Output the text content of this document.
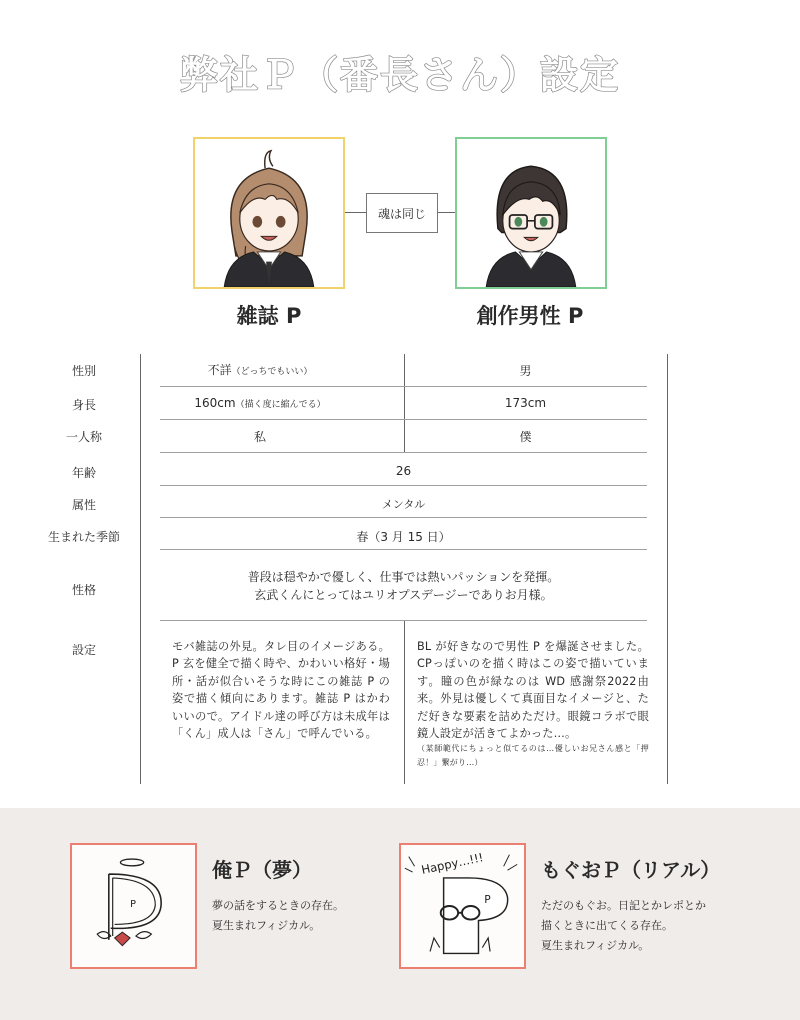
弊社Ｐ（番長さん）設定
魂は同じ
雑誌 P	創作男性 P
性別	不詳（どっちでもいい）	男
身長	160cm（描く度に縮んでる）	173cm
一人称	私	僕
年齢	26
属性	メンタル
生まれた季節	春（3 月 15 日）
性格
普段は穏やかで優しく、仕事では熱いパッションを発揮。
玄武くんにとってはユリオプスデージーでありお月様。
設定	モバ雑誌の外見。タレ目のイメージある。P 玄を健全で描く時や、かわいい格好・場所・話が似合いそうな時にこの雑誌 P の姿で描く傾向にあります。雑誌 P はかわいいので。アイドル達の呼び方は未成年は「くん」成人は「さん」で呼んでいる。
BL が好きなので男性 P を爆誕させました。CPっぽいのを描く時はこの姿で描いています。瞳の色が緑なのは WD 感謝祭2022由来。外見は優しくて真面目なイメージと、ただ好きな要素を詰めただけ。眼鏡コラボで眼鏡人設定が活きてよかった…。
（某師範代にちょっと似てるのは…優しいお兄さん感と「押忍！」繋がり…）
P
俺Ｐ（夢）
夢の話をするときの存在。
夏生まれフィジカル。
Happy…!!!
P
もぐおＰ（リアル）
ただのもぐお。日記とかレポとか
描くときに出てくる存在。
夏生まれフィジカル。
